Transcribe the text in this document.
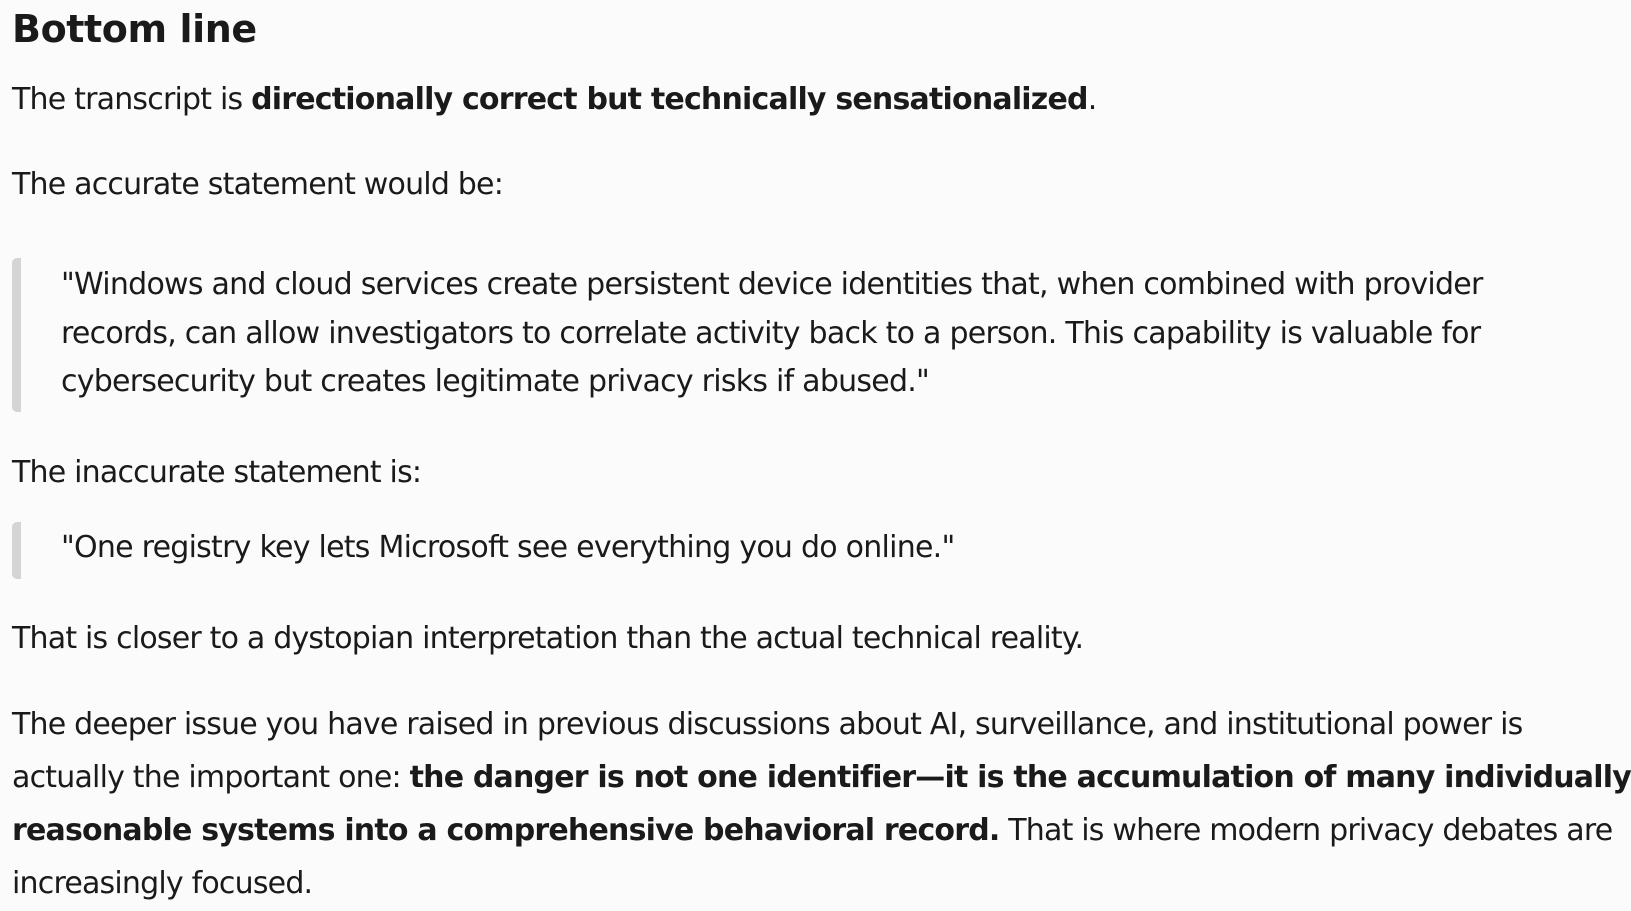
Bottom line

The transcript is directionally correct but technically sensationalized.

The accurate statement would be:

"Windows and cloud services create persistent device identities that, when combined with provider
records, can allow investigators to correlate activity back to a person. This capability is valuable for
cybersecurity but creates legitimate privacy risks if abused."

The inaccurate statement is:

"One registry key lets Microsoft see everything you do online."

That is closer to a dystopian interpretation than the actual technical reality.

The deeper issue you have raised in previous discussions about AI, surveillance, and institutional power is
actually the important one: the danger is not one identifier—it is the accumulation of many individually
reasonable systems into a comprehensive behavioral record. That is where modern privacy debates are
increasingly focused.
